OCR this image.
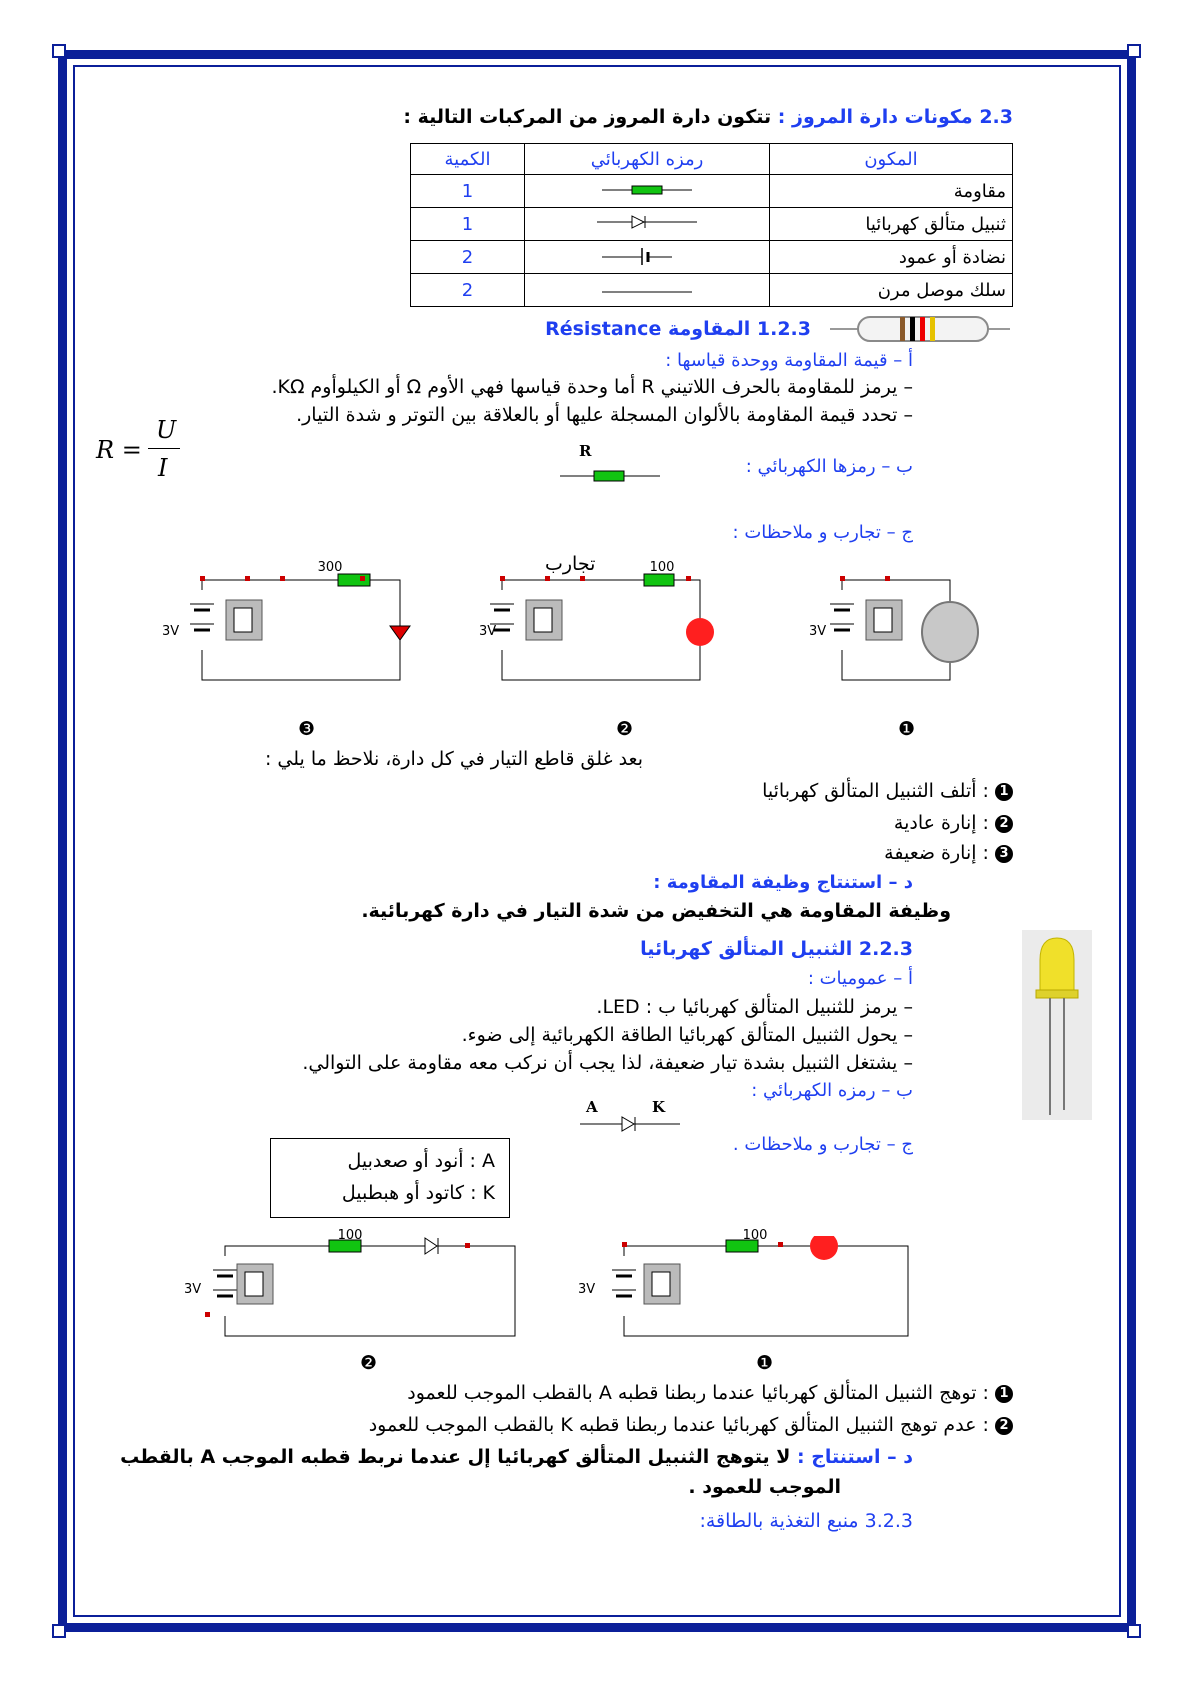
2.3 مكونات دارة المروز : تتكون دارة المروز من المركبات التالية :
المكون	رمزه الكهربائي	الكمية
مقاومة		1
ثنبيل متألق كهربائيا		1
نضادة أو عمود		2
سلك موصل مرن		2
1.2.3 المقاومة Résistance
أ – قيمة المقاومة ووحدة قياسها :
– يرمز للمقاومة بالحرف اللاتيني R أما وحدة قياسها فهي الأوم Ω أو الكيلوأوم KΩ.
– تحدد قيمة المقاومة بالألوان المسجلة عليها أو بالعلاقة بين التوتر و شدة التيار.
R =
U
I	ب – رمزها الكهربائي :
R
ج – تجارب و ملاحظات :
تجارب
300
3V
100
3V	3V
❸	❷	❶
بعد غلق قاطع التيار في كل دارة، نلاحظ ما يلي :
1 : أتلف الثنبيل المتألق كهربائيا
2 : إنارة عادية
3 : إنارة ضعيفة
د – استنتاج وظيفة المقاومة :
وظيفة المقاومة هي التخفيض من شدة التيار في دارة كهربائية.
2.2.3 الثنبيل المتألق كهربائيا
أ – عموميات :
– يرمز للثنبيل المتألق كهربائيا ب : LED.
– يحول الثنبيل المتألق كهربائيا الطاقة الكهربائية إلى ضوء.
– يشتغل الثنبيل بشدة تيار ضعيفة، لذا يجب أن نركب معه مقاومة على التوالي.
ب – رمزه الكهربائي :
A	K
A : أنود أو صعدبيل
K : كاتود أو هبطبيل
ج – تجارب و ملاحظات .
100
3V
100
3V
❷	❶
1 : توهج الثنبيل المتألق كهربائيا عندما ربطنا قطبه A بالقطب الموجب للعمود
2 : عدم توهج الثنبيل المتألق كهربائيا عندما ربطنا قطبه K بالقطب الموجب للعمود
د – استنتاج : لا يتوهج الثنبيل المتألق كهربائيا إل عندما نربط قطبه الموجب A بالقطب
الموجب للعمود .
3.2.3 منبع التغذية بالطاقة:
